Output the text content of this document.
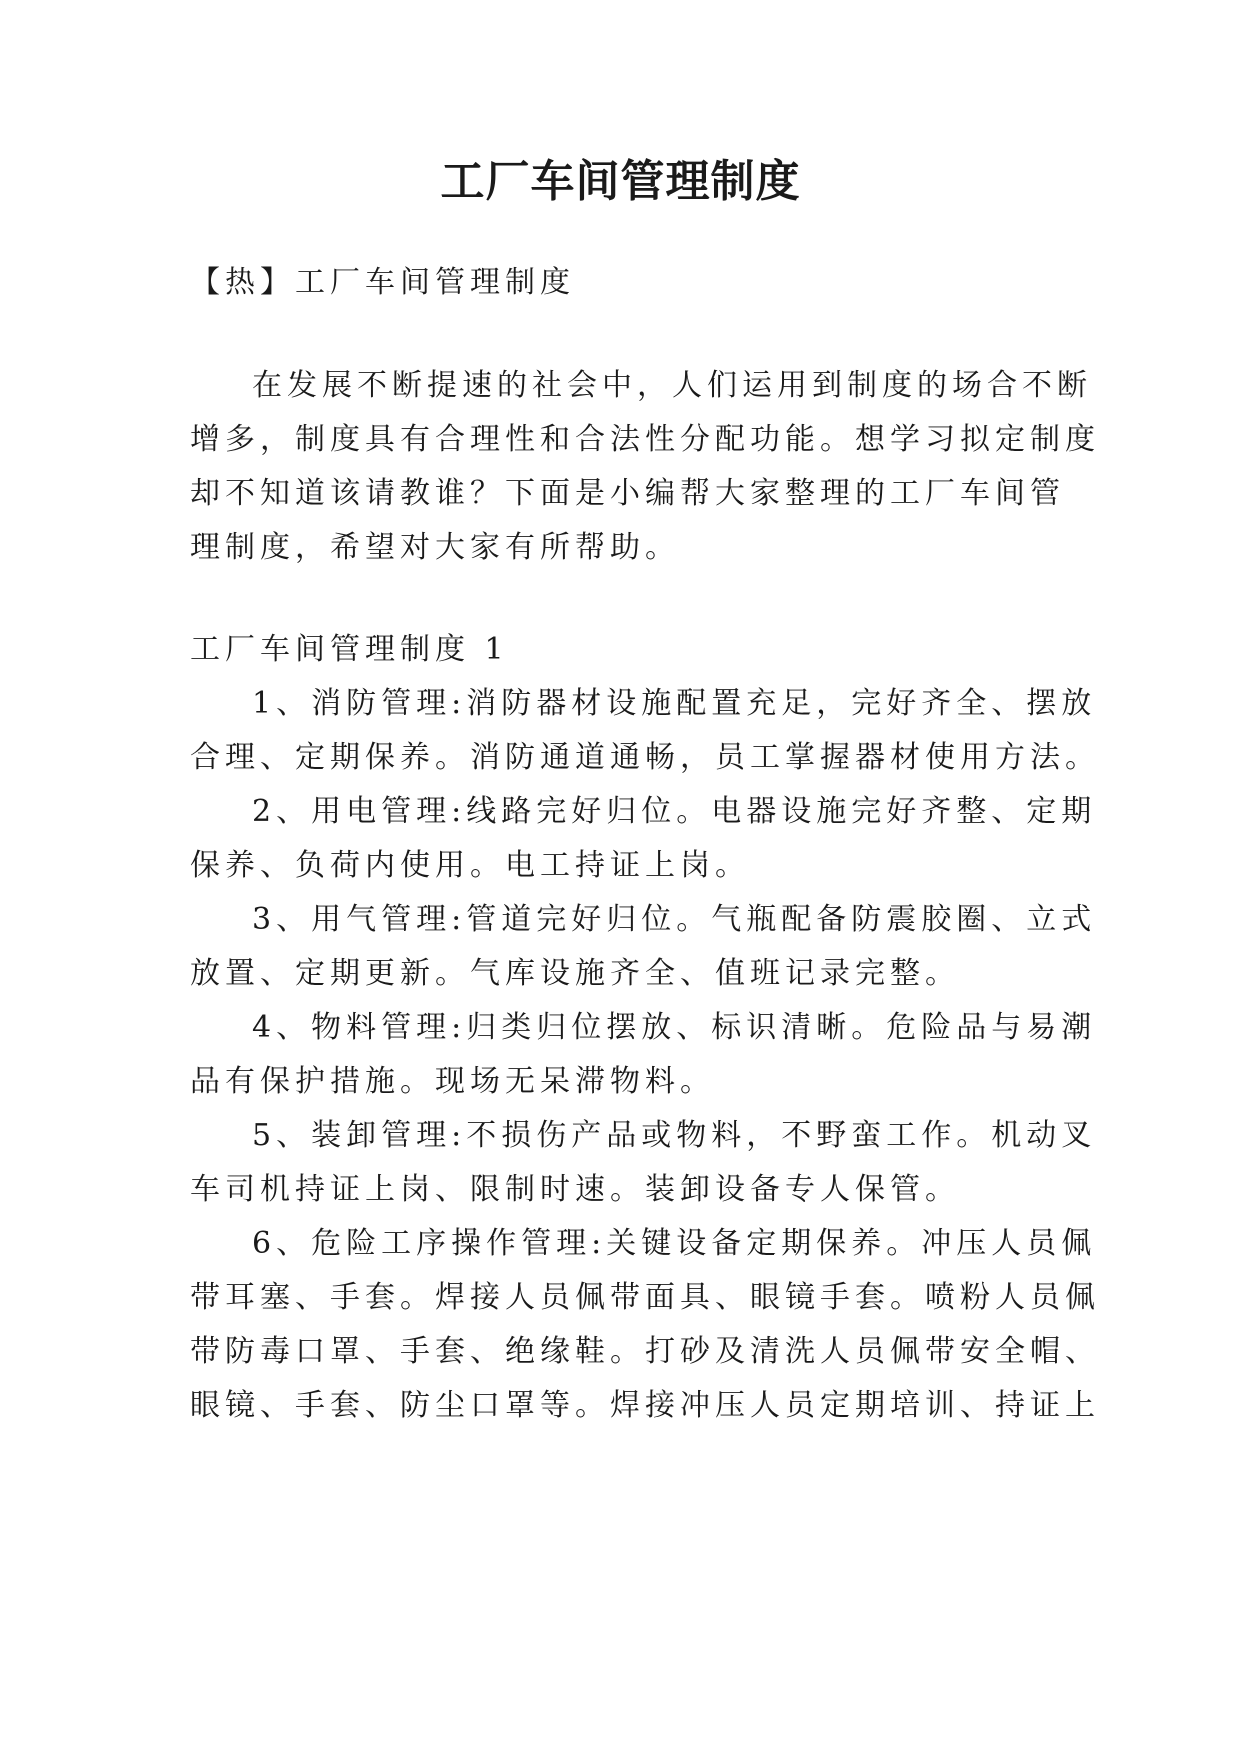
工厂车间管理制度

【热】工厂车间管理制度

在发展不断提速的社会中，人们运用到制度的场合不断

增多，制度具有合理性和合法性分配功能。想学习拟定制度

却不知道该请教谁？下面是小编帮大家整理的工厂车间管

理制度，希望对大家有所帮助。

工厂车间管理制度 1

1、消防管理:消防器材设施配置充足，完好齐全、摆放

合理、定期保养。消防通道通畅，员工掌握器材使用方法。

2、用电管理:线路完好归位。电器设施完好齐整、定期

保养、负荷内使用。电工持证上岗。

3、用气管理:管道完好归位。气瓶配备防震胶圈、立式

放置、定期更新。气库设施齐全、值班记录完整。

4、物料管理:归类归位摆放、标识清晰。危险品与易潮

品有保护措施。现场无呆滞物料。

5、装卸管理:不损伤产品或物料，不野蛮工作。机动叉

车司机持证上岗、限制时速。装卸设备专人保管。

6、危险工序操作管理:关键设备定期保养。冲压人员佩

带耳塞、手套。焊接人员佩带面具、眼镜手套。喷粉人员佩

带防毒口罩、手套、绝缘鞋。打砂及清洗人员佩带安全帽、

眼镜、手套、防尘口罩等。焊接冲压人员定期培训、持证上
